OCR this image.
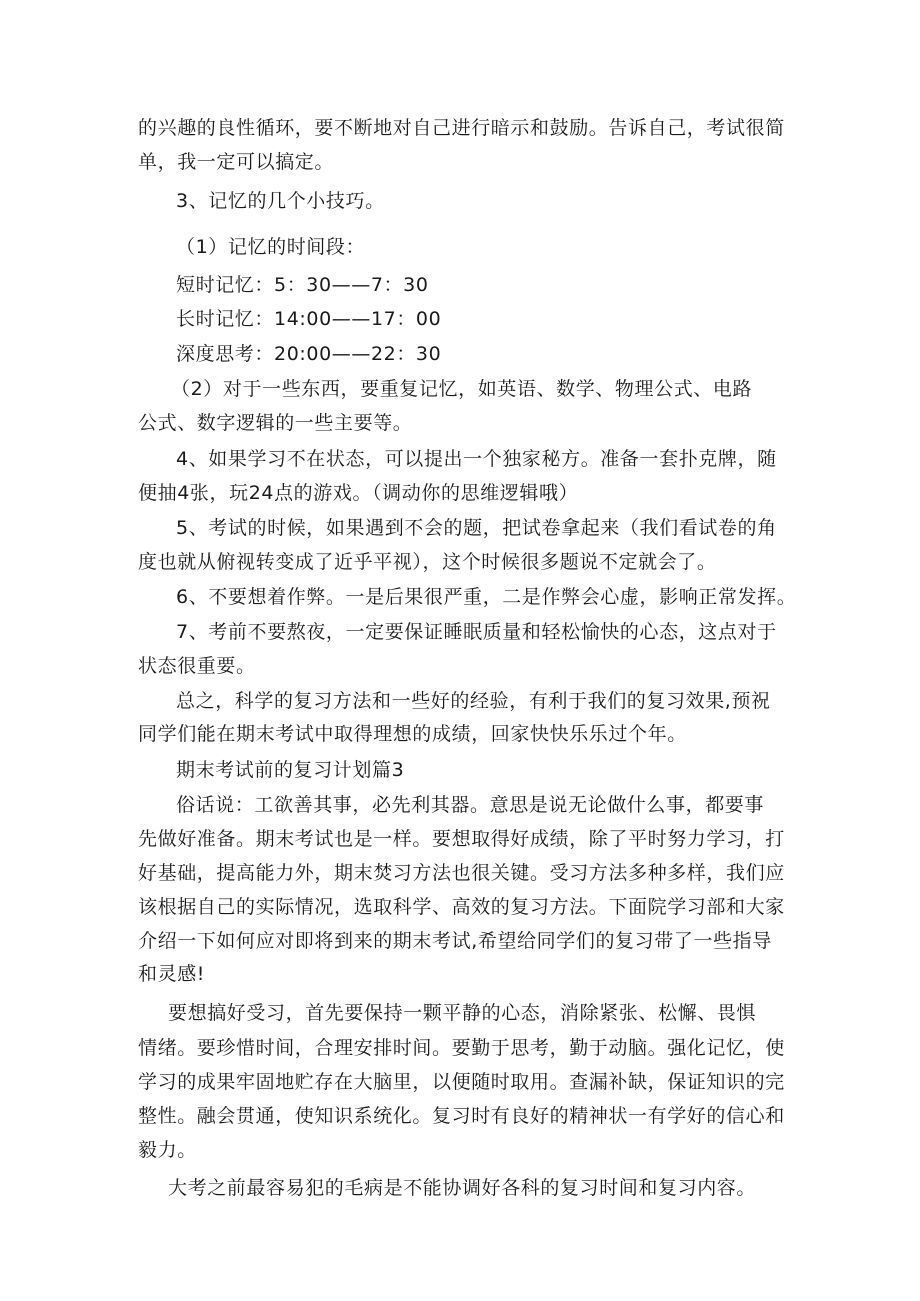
的兴趣的良性循环，要不断地对自己进行暗示和鼓励。告诉自己，考试很简
单，我一定可以搞定。
3、记忆的几个小技巧。
（1）记忆的时间段：
短时记忆：5：30——7：30
长时记忆：14:00——17：00
深度思考：20:00——22：30
（2）对于一些东西，要重复记忆，如英语、数学、物理公式、电路
公式、数字逻辑的一些主要等。
4、如果学习不在状态，可以提出一个独家秘方。准备一套扑克牌，随
便抽4张，玩24点的游戏。（调动你的思维逻辑哦）
5、考试的时候，如果遇到不会的题，把试卷拿起来（我们看试卷的角
度也就从俯视转变成了近乎平视），这个时候很多题说不定就会了。
6、不要想着作弊。一是后果很严重，二是作弊会心虚，影响正常发挥。
7、考前不要熬夜，一定要保证睡眠质量和轻松愉快的心态，这点对于
状态很重要。
总之，科学的复习方法和一些好的经验，有利于我们的复习效果,预祝
同学们能在期末考试中取得理想的成绩，回家快快乐乐过个年。
期末考试前的复习计划篇3
俗话说：工欲善其事，必先利其器。意思是说无论做什么事，都要事
先做好准备。期末考试也是一样。要想取得好成绩，除了平时努力学习，打
好基础，提高能力外，期末焚习方法也很关键。受习方法多种多样，我们应
该根据自己的实际情况，选取科学、高效的复习方法。下面院学习部和大家
介绍一下如何应对即将到来的期末考试,希望给同学们的复习带了一些指导
和灵感!
要想搞好受习，首先要保持一颗平静的心态，消除紧张、松懈、畏惧
情绪。要珍惜时间，合理安排时间。要勤于思考，勤于动脑。强化记忆，使
学习的成果牢固地贮存在大脑里，以便随时取用。查漏补缺，保证知识的完
整性。融会贯通，使知识系统化。复习时有良好的精神状一有学好的信心和
毅力。
大考之前最容易犯的毛病是不能协调好各科的复习时间和复习内容。
